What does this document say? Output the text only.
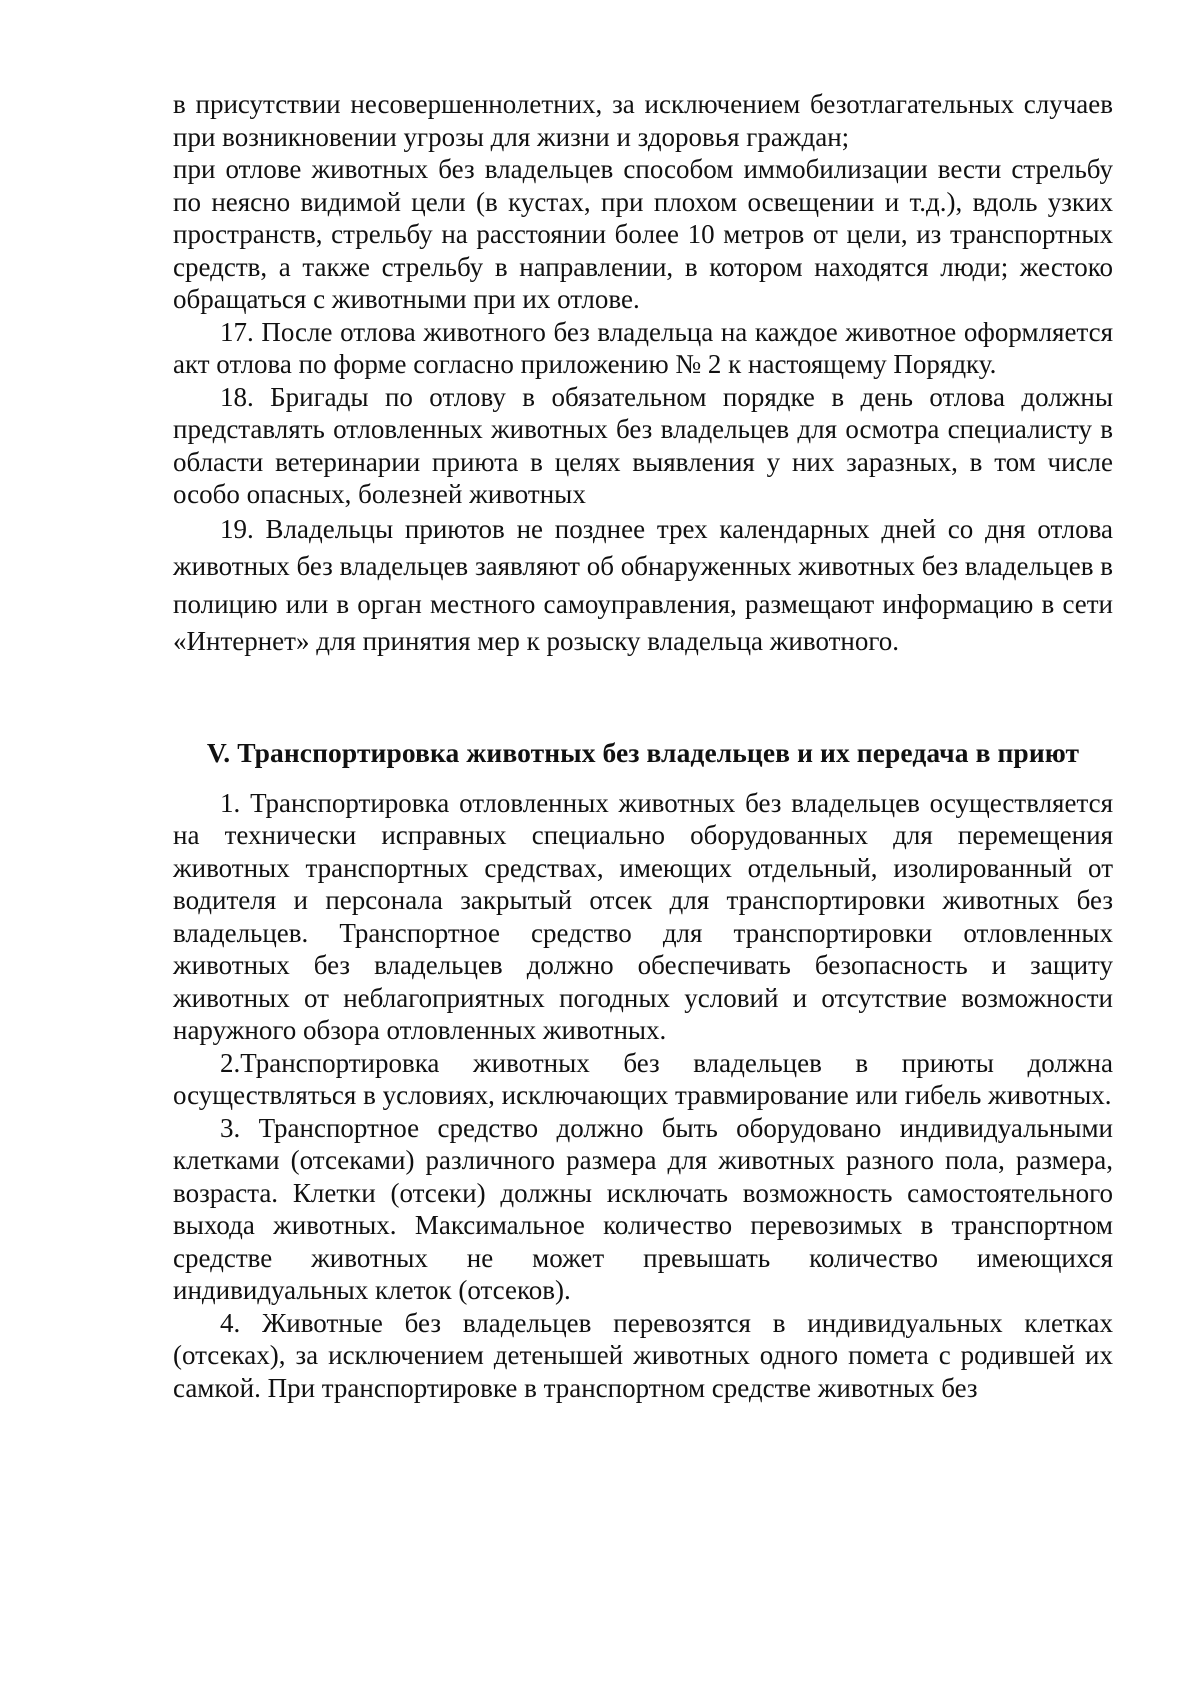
в присутствии несовершеннолетних, за исключением безотлагательных случаев при возникновении угрозы для жизни и здоровья граждан;

при отлове животных без владельцев способом иммобилизации вести стрельбу по неясно видимой цели (в кустах, при плохом освещении и т.д.), вдоль узких пространств, стрельбу на расстоянии более 10 метров от цели, из транспортных средств, а также стрельбу в направлении, в котором находятся люди; жестоко обращаться с животными при их отлове.

17. После отлова животного без владельца на каждое животное оформляется акт отлова по форме согласно приложению № 2 к настоящему Порядку.

18. Бригады по отлову в обязательном порядке в день отлова должны представлять отловленных животных без владельцев для осмотра специалисту в области ветеринарии приюта в целях выявления у них заразных, в том числе особо опасных, болезней животных

19. Владельцы приютов не позднее трех календарных дней со дня отлова животных без владельцев заявляют об обнаруженных животных без владельцев в полицию или в орган местного самоуправления, размещают информацию в сети «Интернет» для принятия мер к розыску владельца животного.

V. Транспортировка животных без владельцев и их передача в приют

1. Транспортировка отловленных животных без владельцев осуществляется на технически исправных специально оборудованных для перемещения животных транспортных средствах, имеющих отдельный, изолированный от водителя и персонала закрытый отсек для транспортировки животных без владельцев. Транспортное средство для транспортировки отловленных животных без владельцев должно обеспечивать безопасность и защиту животных от неблагоприятных погодных условий и отсутствие возможности наружного обзора отловленных животных.

2.Транспортировка животных без владельцев в приюты должна осуществляться в условиях, исключающих травмирование или гибель животных.

3. Транспортное средство должно быть оборудовано индивидуальными клетками (отсеками) различного размера для животных разного пола, размера, возраста. Клетки (отсеки) должны исключать возможность самостоятельного выхода животных. Максимальное количество перевозимых в транспортном средстве животных не может превышать количество имеющихся индивидуальных клеток (отсеков).

4. Животные без владельцев перевозятся в индивидуальных клетках (отсеках), за исключением детенышей животных одного помета с родившей их самкой. При транспортировке в транспортном средстве животных без
